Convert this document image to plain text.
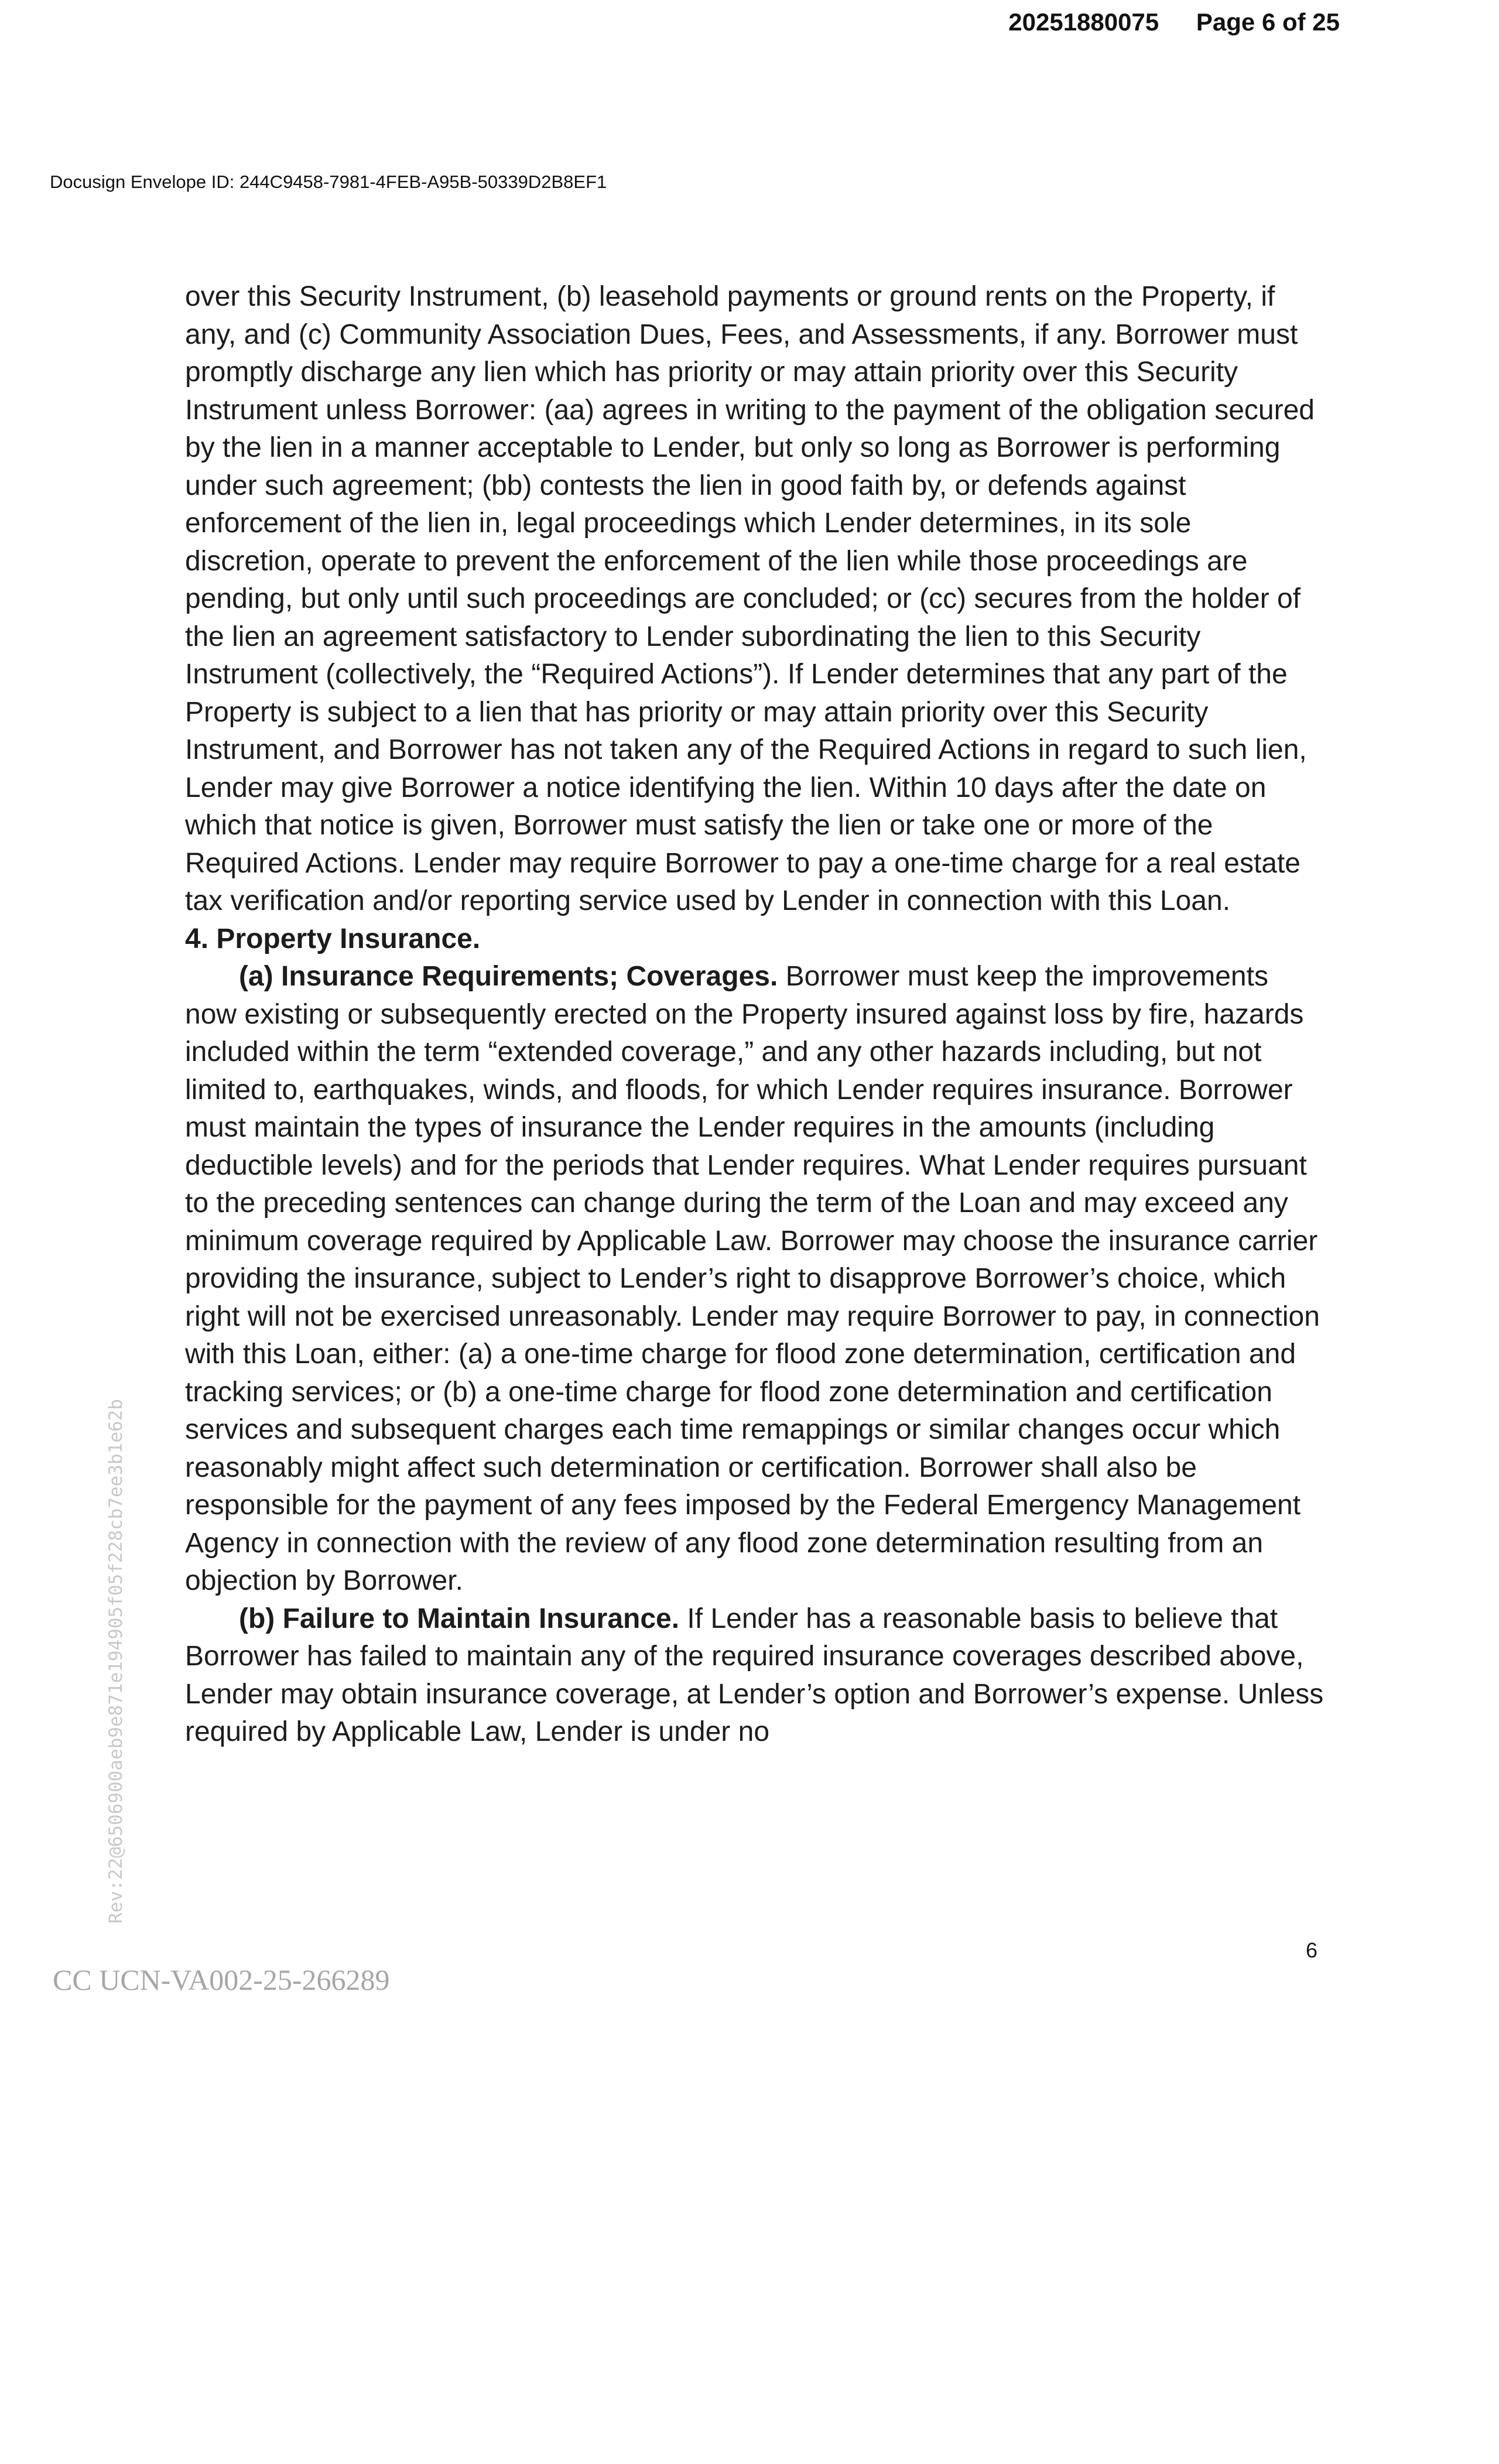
20251880075 Page 6 of 25
Docusign Envelope ID: 244C9458-7981-4FEB-A95B-50339D2B8EF1

over this Security Instrument, (b) leasehold payments or ground rents on the Property, if any, and (c) Community Association Dues, Fees, and Assessments, if any. Borrower must promptly discharge any lien which has priority or may attain priority over this Security Instrument unless Borrower: (aa) agrees in writing to the payment of the obligation secured by the lien in a manner acceptable to Lender, but only so long as Borrower is performing under such agreement; (bb) contests the lien in good faith by, or defends against enforcement of the lien in, legal proceedings which Lender determines, in its sole discretion, operate to prevent the enforcement of the lien while those proceedings are pending, but only until such proceedings are concluded; or (cc) secures from the holder of the lien an agreement satisfactory to Lender subordinating the lien to this Security Instrument (collectively, the “Required Actions”). If Lender determines that any part of the Property is subject to a lien that has priority or may attain priority over this Security Instrument, and Borrower has not taken any of the Required Actions in regard to such lien, Lender may give Borrower a notice identifying the lien. Within 10 days after the date on which that notice is given, Borrower must satisfy the lien or take one or more of the Required Actions. Lender may require Borrower to pay a one-time charge for a real estate tax verification and/or reporting service used by Lender in connection with this Loan.

4. Property Insurance.

(a) Insurance Requirements; Coverages. Borrower must keep the improvements now existing or subsequently erected on the Property insured against loss by fire, hazards included within the term “extended coverage,” and any other hazards including, but not limited to, earthquakes, winds, and floods, for which Lender requires insurance. Borrower must maintain the types of insurance the Lender requires in the amounts (including deductible levels) and for the periods that Lender requires. What Lender requires pursuant to the preceding sentences can change during the term of the Loan and may exceed any minimum coverage required by Applicable Law. Borrower may choose the insurance carrier providing the insurance, subject to Lender’s right to disapprove Borrower’s choice, which right will not be exercised unreasonably. Lender may require Borrower to pay, in connection with this Loan, either: (a) a one-time charge for flood zone determination, certification and tracking services; or (b) a one-time charge for flood zone determination and certification services and subsequent charges each time remappings or similar changes occur which reasonably might affect such determination or certification. Borrower shall also be responsible for the payment of any fees imposed by the Federal Emergency Management Agency in connection with the review of any flood zone determination resulting from an objection by Borrower.

(b) Failure to Maintain Insurance. If Lender has a reasonable basis to believe that Borrower has failed to maintain any of the required insurance coverages described above, Lender may obtain insurance coverage, at Lender’s option and Borrower’s expense. Unless required by Applicable Law, Lender is under no

Rev:22@6506900aeb9e871e194905f05f228cb7ee3b1e62b
6
CC UCN-VA002-25-266289
